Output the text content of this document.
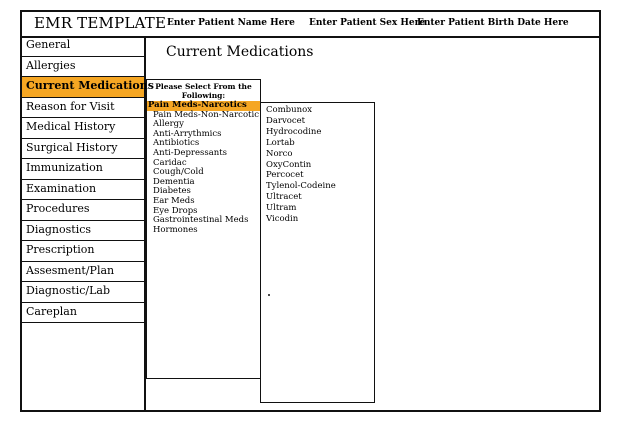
EMR TEMPLATE Enter Patient Name Here Enter Patient Sex Here
Enter Patient Birth Date Here
General
Allergies
Current Medications
Reason for Visit
Medical History
Surgical History
Immunization
Examination
Procedures
Diagnostics
Prescription
Assesment/Plan
Diagnostic/Lab
Careplan
Current Medications
Please Select From the Following:
Pain Meds-Narcotics
Pain Meds-Non-Narcotic
Allergy
Anti-Arrythmics
Antibiotics
Anti-Depressants
Caridac
Cough/Cold
Dementia
Diabetes
Ear Meds
Eye Drops
Gastrointestinal Meds
Hormones
Combunox
Darvocet
Hydrocodine
Lortab
Norco
OxyContin
Percocet
Tylenol-Codeine
Ultracet
Ultram
Vicodin
